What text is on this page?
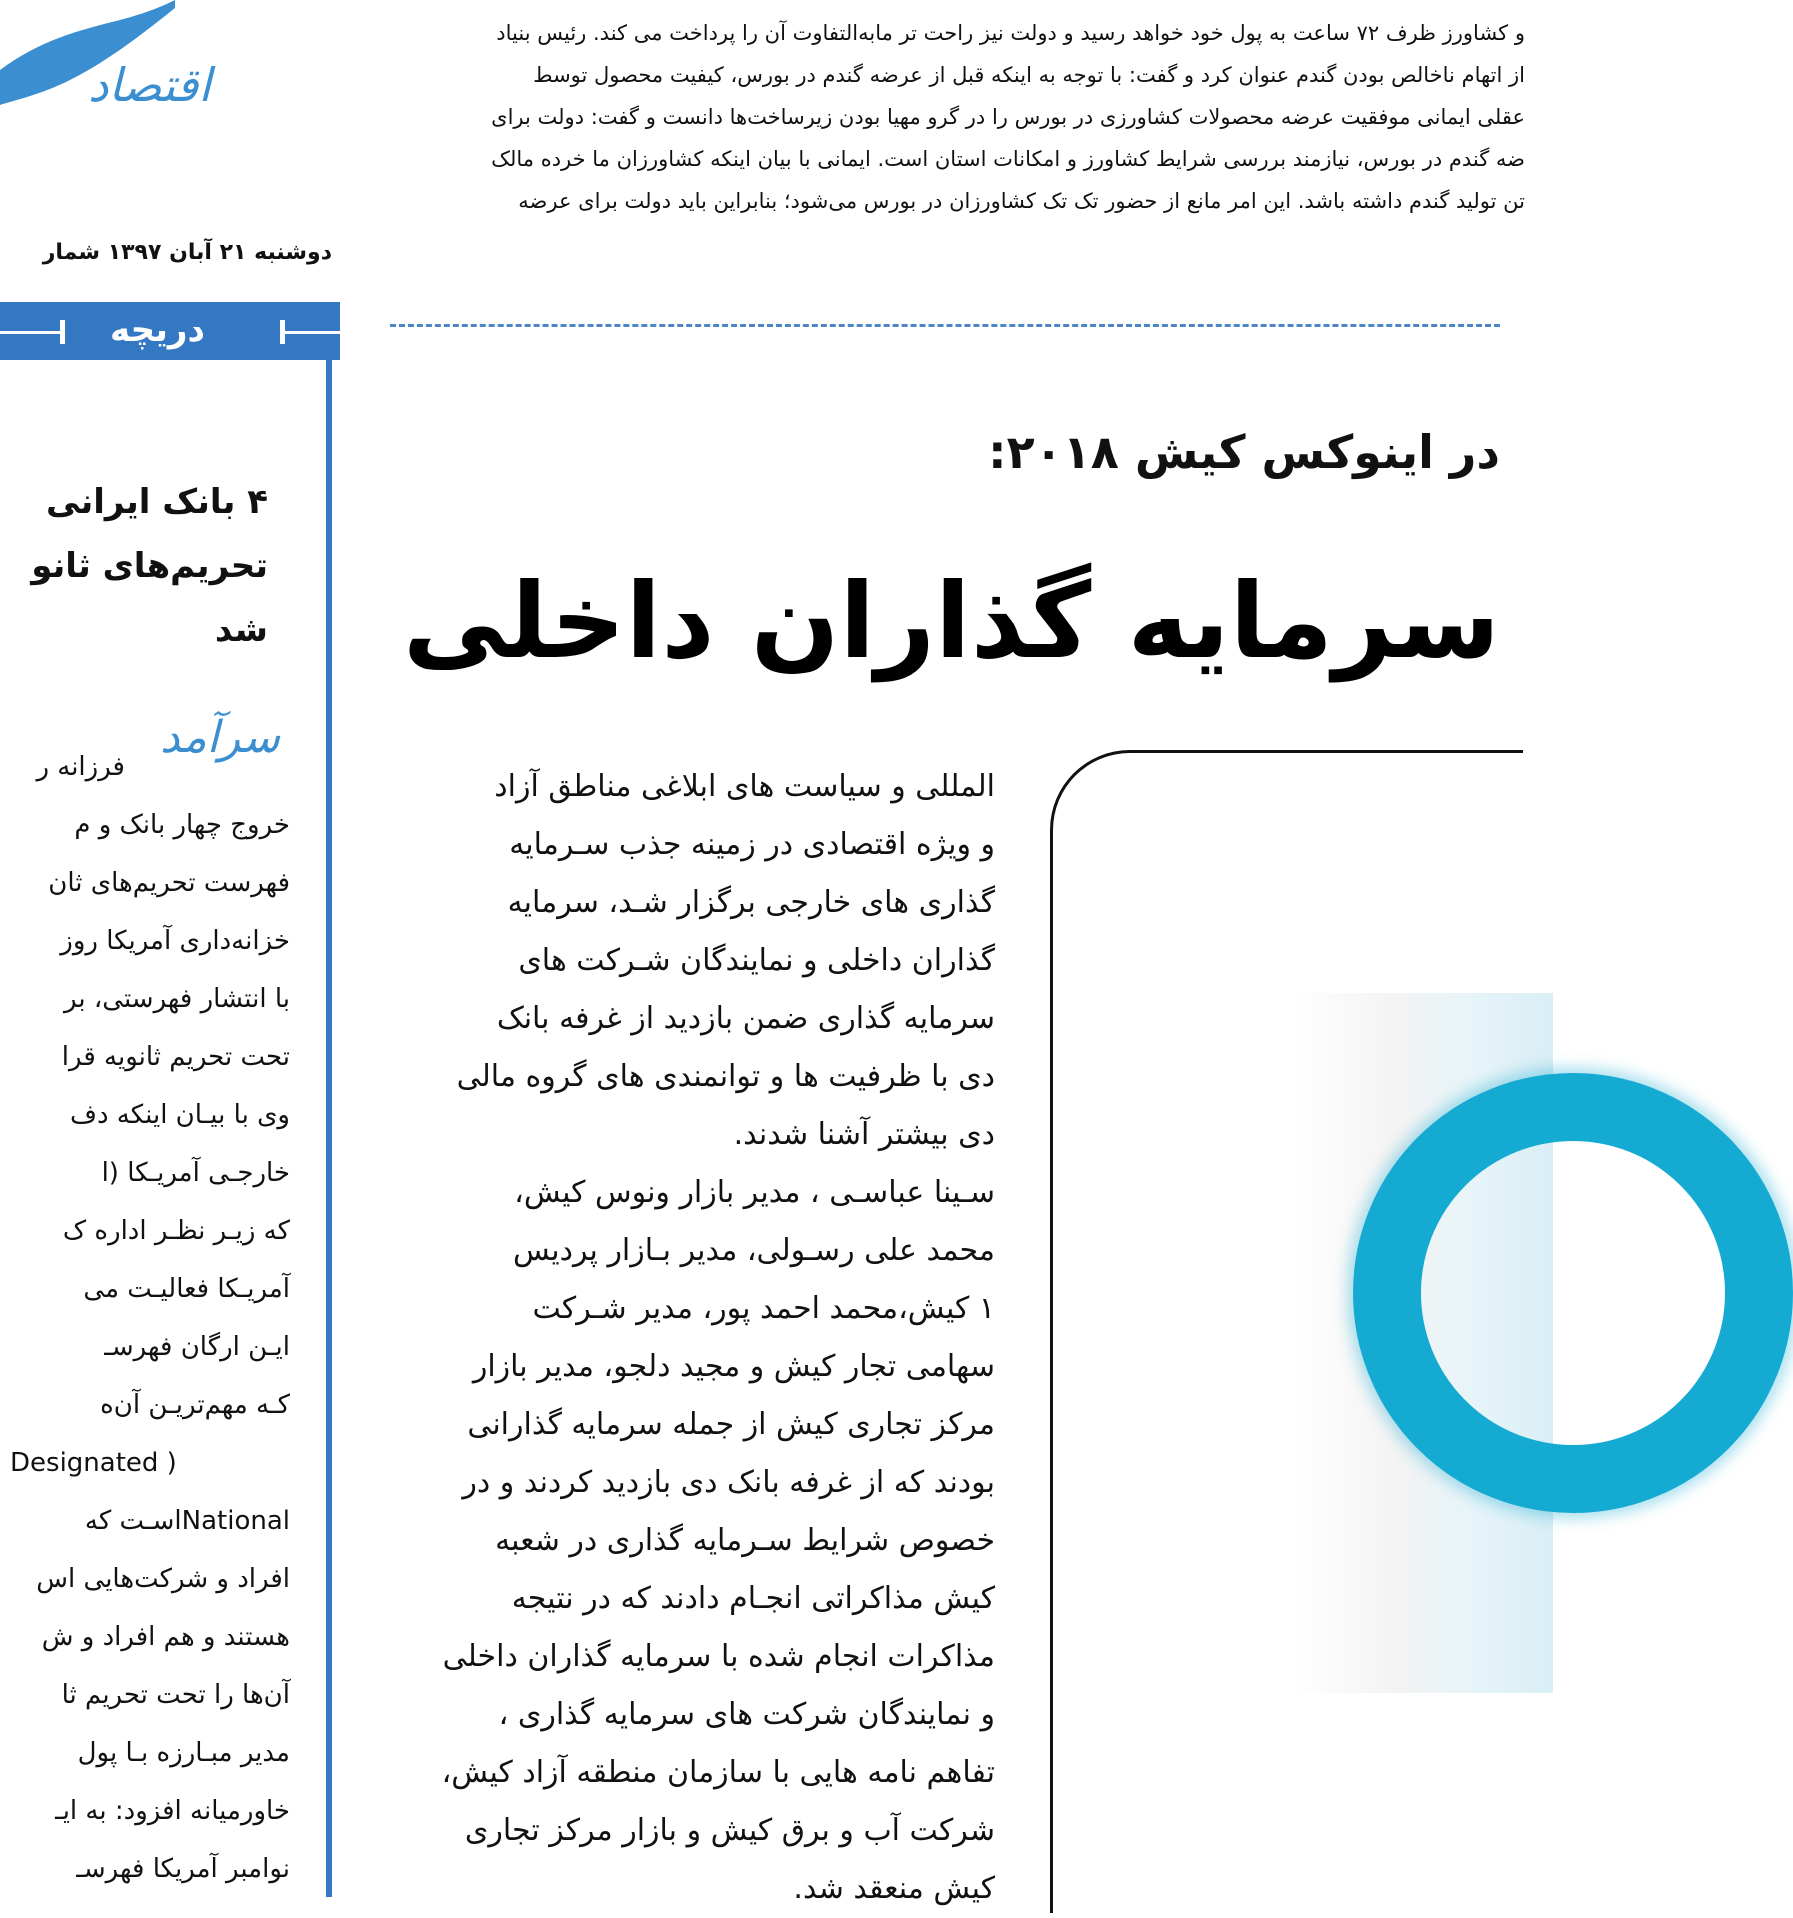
و کشاورز ظرف ۷۲ ساعت به پول خود خواهد رسید و دولت نیز راحت تر مابه‌التفاوت آن را پرداخت می کند. رئیس بنیاد
از اتهام ناخالص بودن گندم عنوان کرد و گفت: با توجه به اینکه قبل از عرضه گندم در بورس، کیفیت محصول توسط
عقلی ایمانی موفقیت عرضه محصولات کشاورزی در بورس را در گرو مهیا بودن زیرساخت‌ها دانست و گفت: دولت برای
ضه گندم در بورس، نیازمند بررسی شرایط کشاورز و امکانات استان است. ایمانی با بیان اینکه کشاورزان ما خرده مالک
تن تولید گندم داشته باشد. این امر مانع از حضور تک تک کشاورزان در بورس می‌شود؛ بنابراین باید دولت برای عرضه
اقتصاد
دوشنبه ۲۱ آبان ۱۳۹۷ شمار
دریچه
۴ بانک ایرانی
تحریم‌های ثانو
شد
سرآمد
فرزانه ر
خروج چهار بانک و م
فهرست تحریم‌های ثان
خزانه‌داری آمریکا روز
با انتشار فهرستی، بر
تحت تحریم ثانویه قرا
وی با بیـان اینکه دف
خارجـی آمریـکا (ا
که زیـر نظـر اداره ک
آمریـکا فعالیـت می
ایـن ارگان فهرسـ
کـه مهم‌تریـن آن‌ه
Designated )
Nationalاسـت که
افراد و شرکت‌هایی اس
هستند و هم افراد و ش
آن‌ها را تحت تحریم ثا
مدیر مبـارزه بـا پول
خاورمیانه افزود: به ایـ
نوامبر آمریکا فهرسـ
در اینوکس کیش ۲۰۱۸:
سرمایه گذاران داخلی
المللی و سیاست های ابلاغی مناطق آزاد
و ویژه اقتصادی در زمینه جذب سـرمایه
گذاری های خارجی برگزار شـد، سرمایه
گذاران داخلی و نمایندگان شـرکت های
سرمایه گذاری ضمن بازدید از غرفه بانک
دی با ظرفیت ها و توانمندی های گروه مالی
دی بیشتر آشنا شدند.
سـینا عباسـی ، مدیر بازار ونوس کیش،
محمد علی رسـولی، مدیر بـازار پردیس
۱ کیش،محمد احمد پور، مدیر شـرکت
سهامی تجار کیش و مجید دلجو، مدیر بازار
مرکز تجاری کیش از جمله سرمایه گذارانی
بودند که از غرفه بانک دی بازدید کردند و در
خصوص شرایط سـرمایه گذاری در شعبه
کیش مذاکراتی انجـام دادند که در نتیجه
مذاکرات انجام شده با سرمایه گذاران داخلی
و نمایندگان شرکت های سرمایه گذاری ،
تفاهم نامه هایی با سازمان منطقه آزاد کیش،
شرکت آب و برق کیش و بازار مرکز تجاری
کیش منعقد شد.
